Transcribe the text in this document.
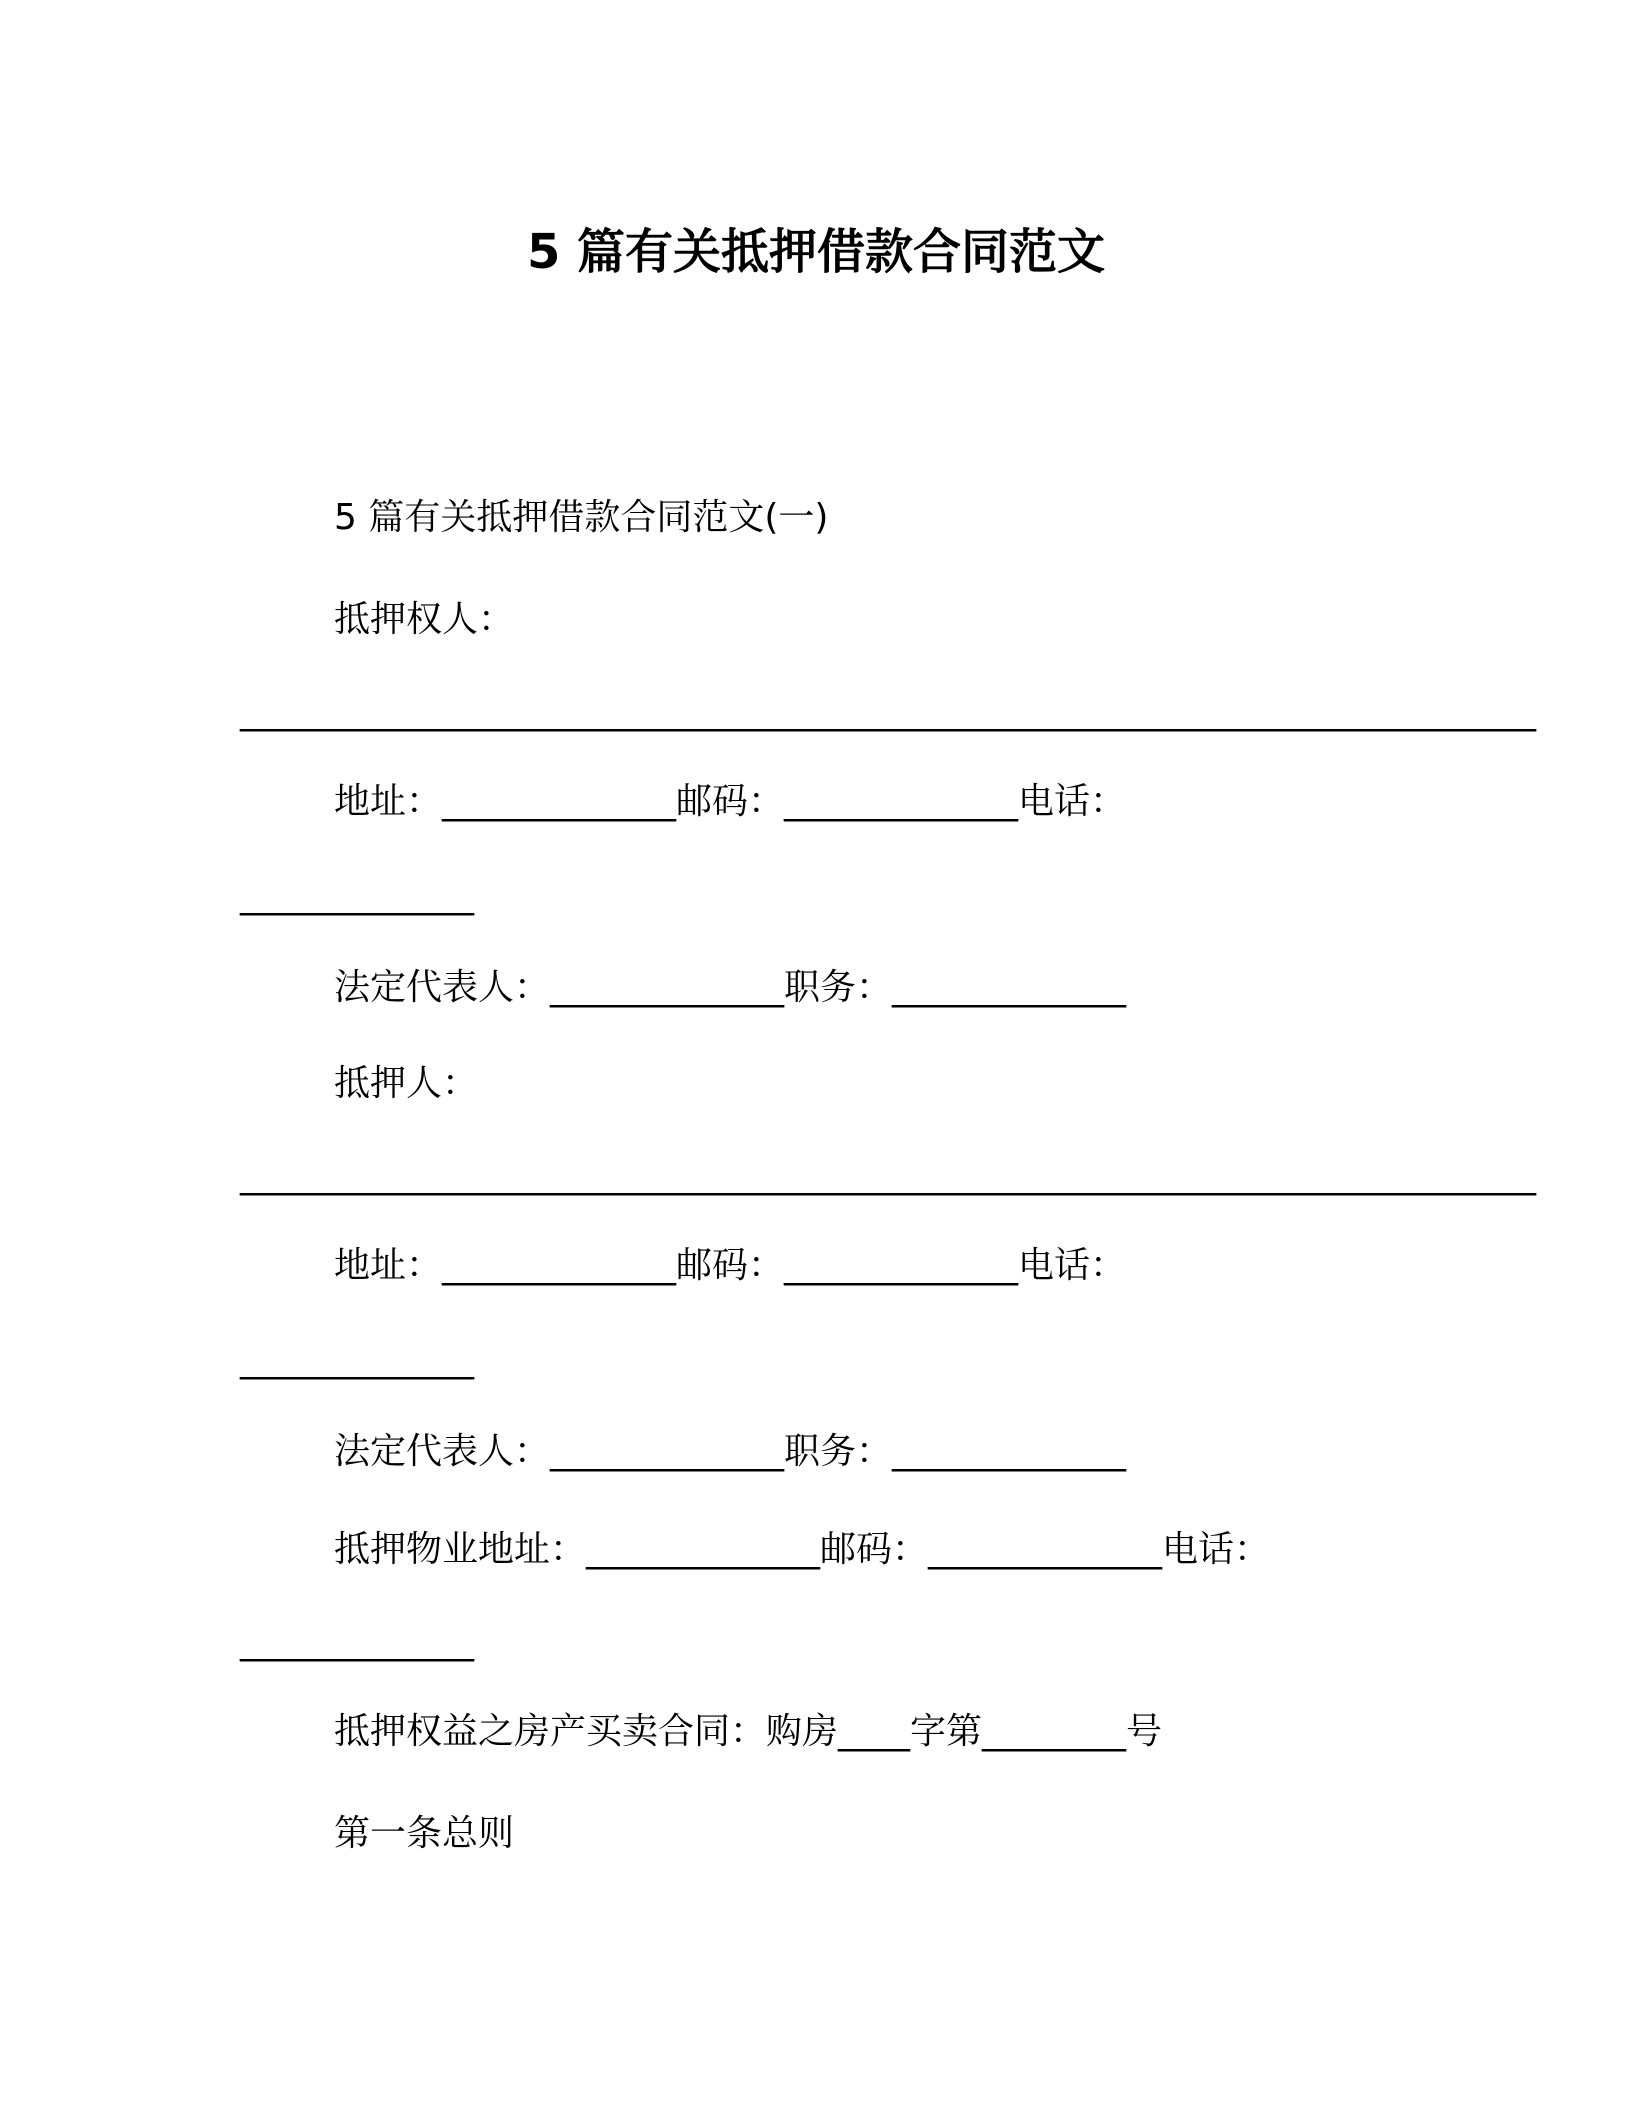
5 篇有关抵押借款合同范文
5 篇有关抵押借款合同范文(一)
抵押权人：
________________________________________________________________________
地址：_____________邮码：_____________电话：
_____________
法定代表人：_____________职务：_____________
抵押人：
________________________________________________________________________
地址：_____________邮码：_____________电话：
_____________
法定代表人：_____________职务：_____________
抵押物业地址：_____________邮码：_____________电话：
_____________
抵押权益之房产买卖合同：购房____字第________号
第一条总则
